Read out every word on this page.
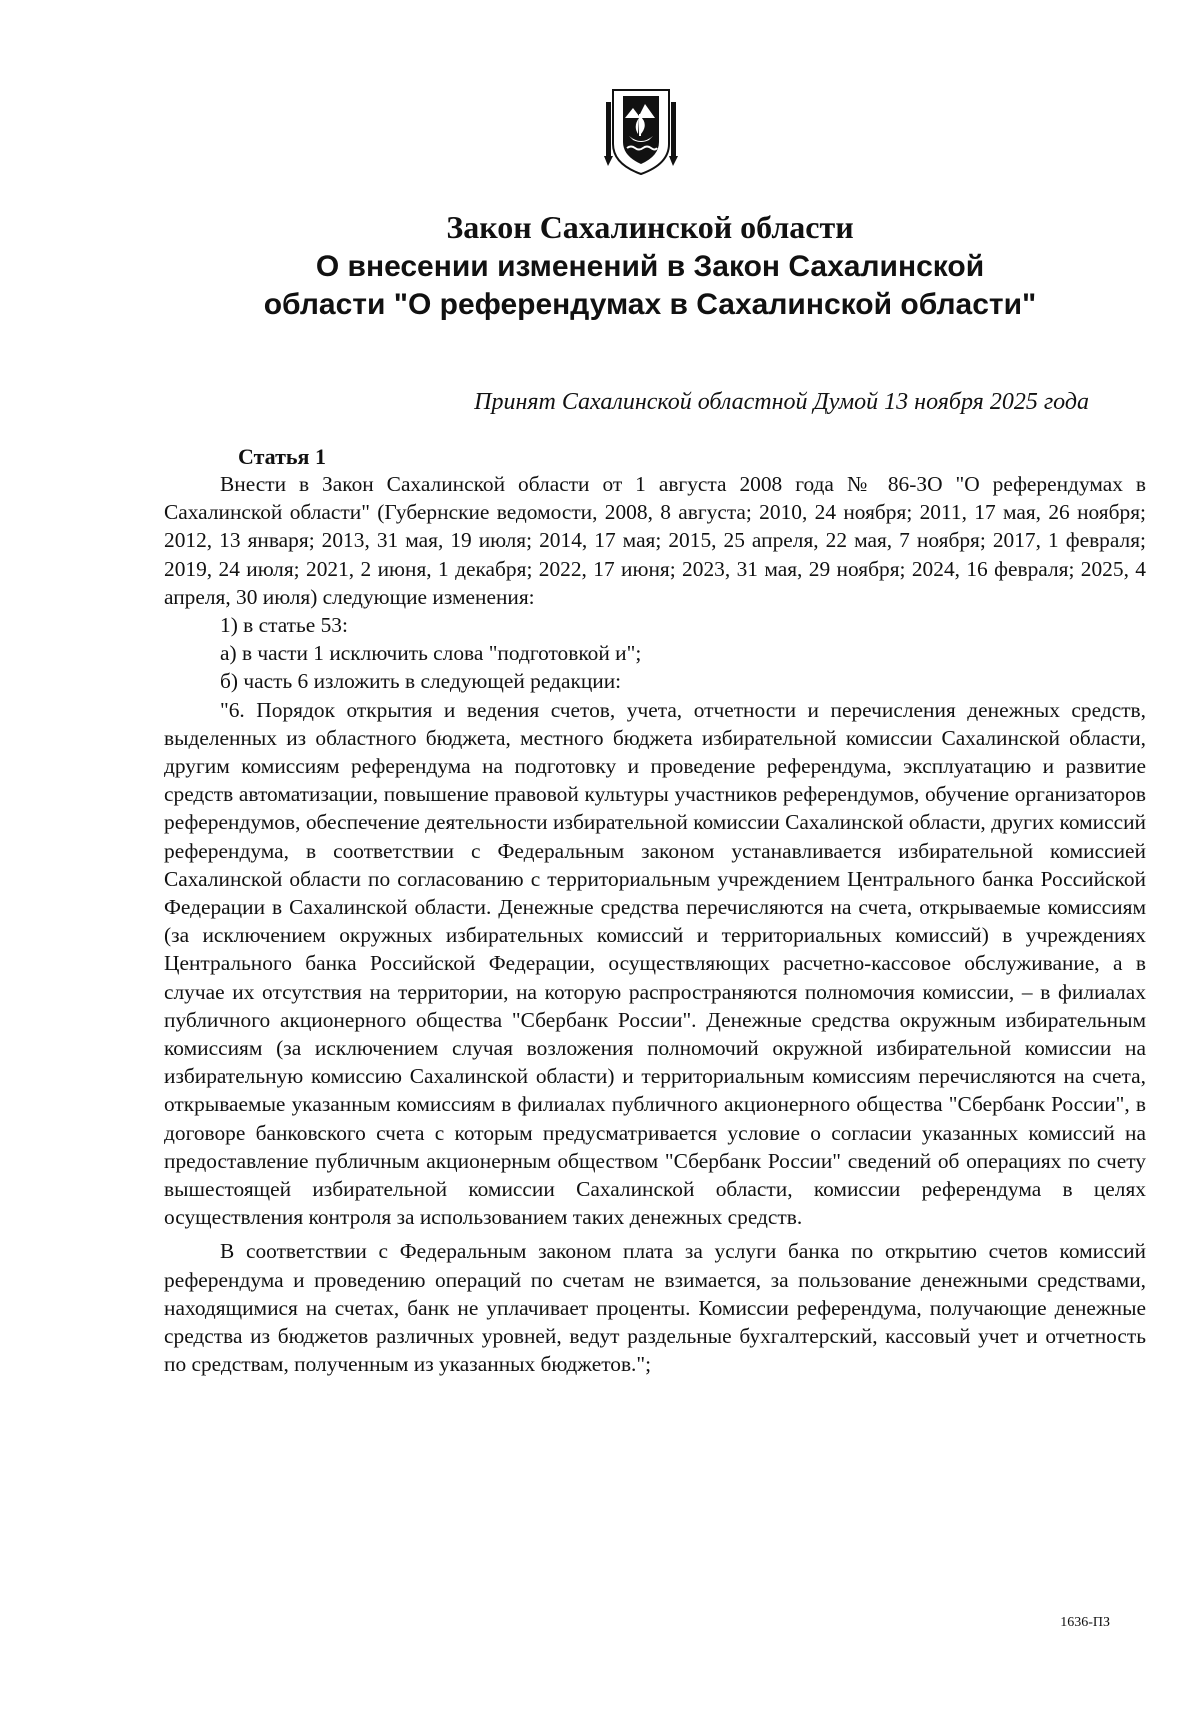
Закон Сахалинской области
О внесении изменений в Закон Сахалинской
области "О референдумах в Сахалинской области"
Принят Сахалинской областной Думой 13 ноября 2025 года
Статья 1

Внести в Закон Сахалинской области от 1 августа 2008 года № 86-ЗО "О референдумах в Сахалинской области" (Губернские ведомости, 2008, 8 августа; 2010, 24 ноября; 2011, 17 мая, 26 ноября; 2012, 13 января; 2013, 31 мая, 19 июля; 2014, 17 мая; 2015, 25 апреля, 22 мая, 7 ноября; 2017, 1 февраля; 2019, 24 июля; 2021, 2 июня, 1 декабря; 2022, 17 июня; 2023, 31 мая, 29 ноября; 2024, 16 февраля; 2025, 4 апреля, 30 июля) следующие изменения:

1) в статье 53:

а) в части 1 исключить слова "подготовкой и";

б) часть 6 изложить в следующей редакции:

"6. Порядок открытия и ведения счетов, учета, отчетности и перечисления денежных средств, выделенных из областного бюджета, местного бюджета избирательной комиссии Сахалинской области, другим комиссиям референдума на подготовку и проведение референдума, эксплуатацию и развитие средств автоматизации, повышение правовой культуры участников референдумов, обучение организаторов референдумов, обеспечение деятельности избирательной комиссии Сахалинской области, других комиссий референдума, в соответствии с Федеральным законом устанавливается избирательной комиссией Сахалинской области по согласованию с территориальным учреждением Центрального банка Российской Федерации в Сахалинской области. Денежные средства перечисляются на счета, открываемые комиссиям (за исключением окружных избирательных комиссий и территориальных комиссий) в учреждениях Центрального банка Российской Федерации, осуществляющих расчетно-кассовое обслуживание, а в случае их отсутствия на территории, на которую распространяются полномочия комиссии, – в филиалах публичного акционерного общества "Сбербанк России". Денежные средства окружным избирательным комиссиям (за исключением случая возложения полномочий окружной избирательной комиссии на избирательную комиссию Сахалинской области) и территориальным комиссиям перечисляются на счета, открываемые указанным комиссиям в филиалах публичного акционерного общества "Сбербанк России", в договоре банковского счета с которым предусматривается условие о согласии указанных комиссий на предоставление публичным акционерным обществом "Сбербанк России" сведений об операциях по счету вышестоящей избирательной комиссии Сахалинской области, комиссии референдума в целях осуществления контроля за использованием таких денежных средств.

В соответствии с Федеральным законом плата за услуги банка по открытию счетов комиссий референдума и проведению операций по счетам не взимается, за пользование денежными средствами, находящимися на счетах, банк не уплачивает проценты. Комиссии референдума, получающие денежные средства из бюджетов различных уровней, ведут раздельные бухгалтерский, кассовый учет и отчетность по средствам, полученным из указанных бюджетов.";

1636-ПЗ
